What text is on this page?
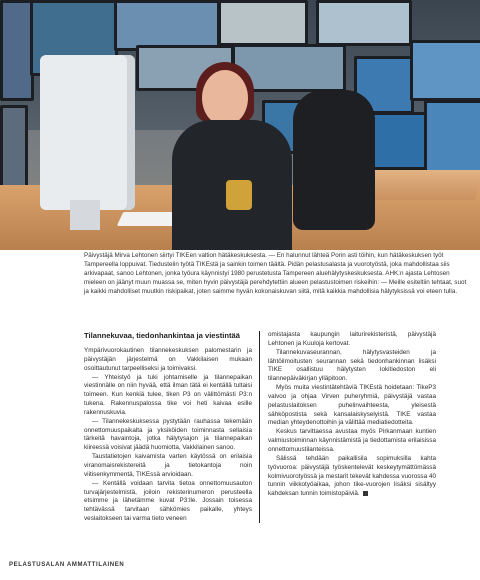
Päivystäjä Mirva Lehtonen siirtyi TIKEen valtion hätäkeskuksesta. — En halunnut lähteä Porin asti töihin, kun hätäkeskuksen työt Tampereella loppuivat. Tiedustelin työtä TIKEstä ja sainkin toimen täältä. Pidän pelastusalasta ja vuorotyöstä, joka mahdollistaa siis arkivapaat, sanoo Lehtonen, jonka työura käynnistyi 1980 perustetusta Tampereen aluehälytyskeskuksesta. AHK:n ajasta Lehtosen mieleen on jäänyt muun muassa se, miten hyvin päivystäjä perehdytettiin alueen pelastustoimen riskeihin: — Meille esiteltiin tehtaat, suot ja kaikki mahdolliset muutkin riskipaikat, joten saimme hyvän kokonaiskuvan siitä, mitä kaikkia mahdollisia hälytyksissä voi eteen tulla.

Tilannekuvaa, tiedonhankintaa ja viestintää

Ympärivuorokautinen tilannekeskuksen palomestarin ja päivystäjän järjestelmä on Vakkilaisen mukaan osoittautunut tarpeelliseksi ja toimivaksi.

— Yhteistyö ja tuki johtamiselle ja tilannepaikan viestinnälle on niin hyvää, että ilman tätä ei kentällä tultaisi toimeen. Kun kenkiä tulee, tiken P3 on välittömästi P3:n tukena. Rakennuspalossa tike voi heti kaivaa esille rakennuskuvia.

— Tilannekeskuksessa pystytään rauhassa tekemään onnettomuuspaikalta ja yksiköiden toiminnasta sellaisia tärkeitä havaintoja, jotka hälytysajon ja tilannepaikan kiireessä voisivat jäädä huomiotta, Vakkilainen sanoo.

Taustatietojen kaivamista varten käytössä on erilaisia viranomaisrekistereitä ja tietokantoja noin viitisenkymmentä, TIKEssä arvioidaan.

— Kentällä voidaan tarvita tietoa onnettomuusauton turvajärjestelmistä, joiloin rekisterinumeron perusteella etsimme ja lähetämme kuvat P3:lle. Jossain toisessa tehtävässä tarvitaan sähkömies paikalle, yhteys veslaitokseen tai varma tieto veneen

omistajasta kaupungin laiturirekisteristä, päivystäjä Lehtonen ja Kuuloja kertovat.

Tilannekuvaseurannan, hälytysvasteiden ja lähtöilmoitusten seurannan sekä tiedonhankinnan lisäksi TIKE osallistuu hälytysten lokitiedoston eli tilannepäiväkirjan ylläpitoon.

Myös muita viestintätehtäviä TIKEstä hoidetaan: TikeP3 valvoo ja ohjaa Virven puheryhmiä, päivystäjä vastaa pelastuslaitoksen puhelinvaihteesta, yleisestä sähköpostista sekä kansalaiskyselyistä. TIKE vastaa median yhteydenottoihin ja välittää mediatiedotteita.

Keskus tarvittaessa avustaa myös Pirkanmaan kuntien valmiustoiminnan käynnistämistä ja tiedottamista erilaisissa onnettomuustilanteissa.

Sälissä tehdään paikallisila sopimuksilla kahta työvuoroa: päivystäjä työskentelevät keskeytymättömässä kolmivuorotyössä ja mestarit tekevät kahdessa vuorossa 40 tunnin viikkotyöaikaa, johon tike-vuorojen lisäksi sisältyy kahdeksan tunnin toimistopäiviä.

PELASTUSALAN AMMATTILAINEN
